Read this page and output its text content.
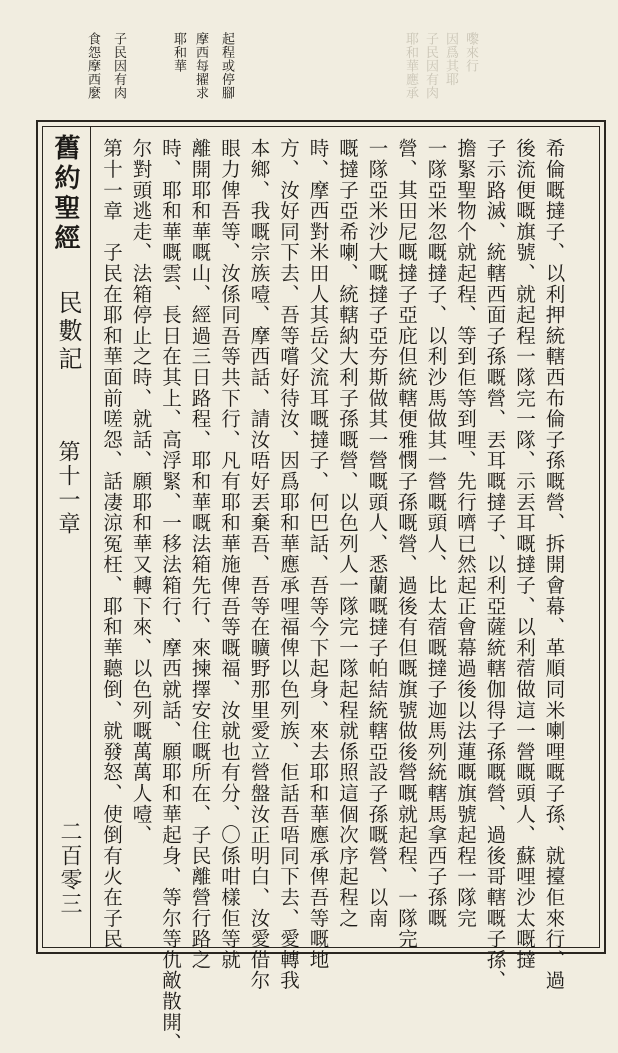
耶和華應承 子民因有肉 因爲其耶 嚟來行
食怨摩西麼 子民因有肉	耶和華 摩西每擢求 起程或停腳
舊約聖經
民數記
第十一章
二百零三	希倫嘅撻子、以利押統轄西布倫子孫嘅營、拆開會幕、革順同米喇哩嘅子孫、就擡佢來行、過
後流便嘅旗號、就起程一隊完一隊、示丟耳嘅撻子、以利蓿做這一營嘅頭人、蘇哩沙太嘅撻
子示路滅、統轄西面子孫嘅營、丟耳嘅撻子、以利亞薩統轄伽得子孫嘅營、過後哥轄嘅子孫、
擔緊聖物个就起程、等到佢等到哩、先行嚌已然起正會幕過後以法蓮嘅旗號起程一隊完
一隊亞米忽嘅撻子、以利沙馬做其一營嘅頭人、比太蓿嘅撻子迦馬列統轄馬拿西子孫嘅
營、其田尼嘅撻子亞庇但統轄便雅憫子孫嘅營、過後有但嘅旗號做後營嘅就起程、一隊完
一隊亞米沙大嘅撻子亞夯斯做其一營嘅頭人、悉蘭嘅撻子帕結統轄亞設子孫嘅營、以南
嘅撻子亞希喇、統轄納大利子孫嘅營、以色列人一隊完一隊起程就係照這個次序起程之
時、摩西對米田人其岳父流耳嘅撻子、何巴話、吾等今下起身、來去耶和華應承俾吾等嘅地
方、汝好同下去、吾等嚐好待汝、因爲耶和華應承哩福俾以色列族、佢話吾唔同下去、愛轉我
本鄉、我嘅宗族噎、摩西話、請汝唔好丟棄吾、吾等在曠野那里愛立營盤汝正明白、汝愛借尔
眼力俾吾等、汝係同吾等共下行、凡有耶和華施俾吾等嘅福、汝就也有分、〇係咁樣佢等就
離開耶和華嘅山、經過三日路程、耶和華嘅法箱先行、來揀擇安住嘅所在、子民離營行路之
時、耶和華嘅雲、長日在其上、高浮緊、一移法箱行、摩西就話、願耶和華起身、等尔等仇敵散開、
尔對頭逃走、法箱停止之時、就話、願耶和華又轉下來、以色列嘅萬萬人噎、
第十一章　子民在耶和華面前嗟怨、話凄涼冤枉、耶和華聽倒、就發怒、使倒有火在子民
